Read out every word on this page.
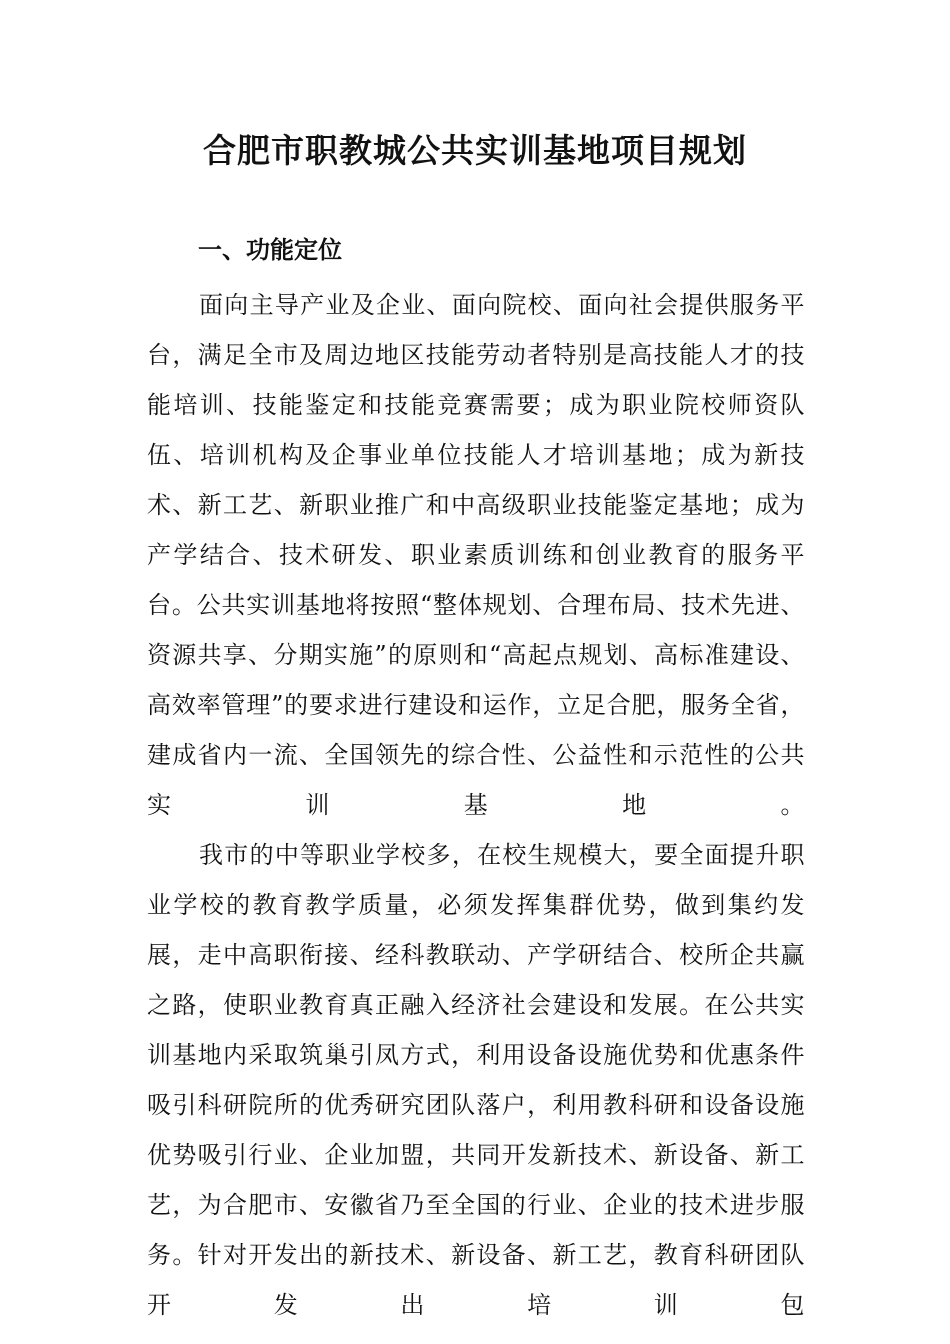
合肥市职教城公共实训基地项目规划
一、功能定位

面向主导产业及企业、面向院校、面向社会提供服务平台，满足全市及周边地区技能劳动者特别是高技能人才的技能培训、技能鉴定和技能竞赛需要；成为职业院校师资队伍、培训机构及企事业单位技能人才培训基地；成为新技术、新工艺、新职业推广和中高级职业技能鉴定基地；成为产学结合、技术研发、职业素质训练和创业教育的服务平台。公共实训基地将按照“整体规划、合理布局、技术先进、资源共享、分期实施”的原则和“高起点规划、高标准建设、高效率管理”的要求进行建设和运作，立足合肥，服务全省，建成省内一流、全国领先的综合性、公益性和示范性的公共实训基地。

我市的中等职业学校多，在校生规模大，要全面提升职业学校的教育教学质量，必须发挥集群优势，做到集约发展，走中高职衔接、经科教联动、产学研结合、校所企共赢之路，使职业教育真正融入经济社会建设和发展。在公共实训基地内采取筑巢引凤方式，利用设备设施优势和优惠条件吸引科研院所的优秀研究团队落户，利用教科研和设备设施优势吸引行业、企业加盟，共同开发新技术、新设备、新工艺，为合肥市、安徽省乃至全国的行业、企业的技术进步服务。针对开发出的新技术、新设备、新工艺，教育科研团队开发出培训包
